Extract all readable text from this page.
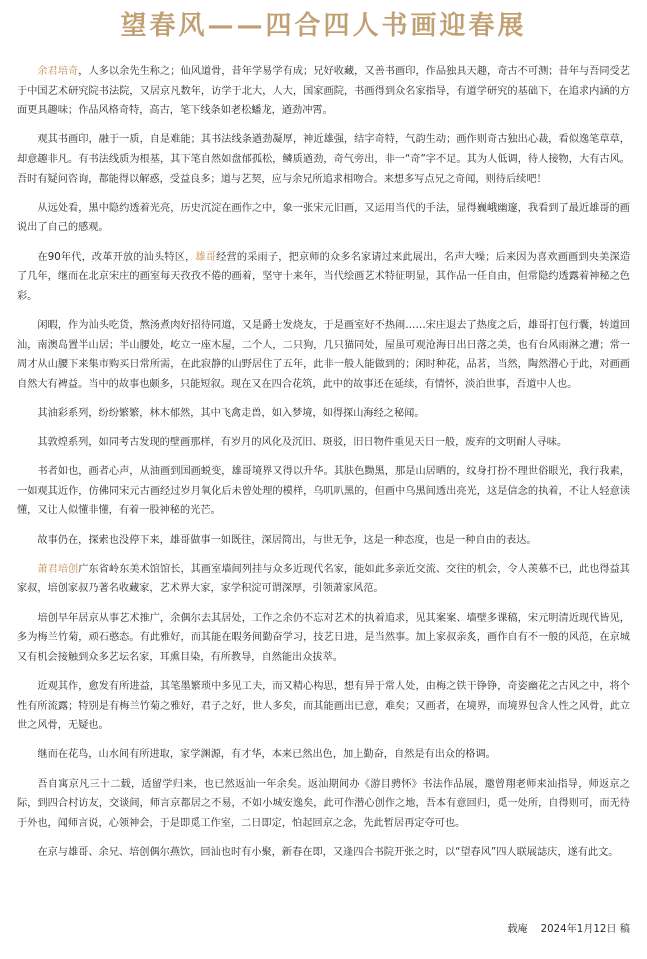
望春风——四合四人书画迎春展

余君培奇，人多以余先生称之；仙风道骨，昔年学易学有成；兄好收藏，又善书画印，作品独具天趣，奇古不可测；昔年与吾同受艺于中国艺术研究院书法院，又居京凡数年，访学于北大，人大，国家画院，书画得到众名家指导，有道学研究的基础下，在追求内涵的方面更具趣味；作品风格奇特，高古，笔下线条如老松蟠龙，遒劲冲霄。

观其书画印，融于一质，自是难能；其书法线条遒劲凝厚，神近雄强，结字奇特，气韵生动；画作则奇古独出心裁，看似逸笔草草，却意趣非凡。有书法线质为根基，其下笔自然如盘郁孤松，鳞质遒劲，奇气旁出，非一“奇”字不足。其为人低调，待人接物，大有古风。吾时有疑问咨询，都能得以解惑，受益良多；道与艺契，应与余兄所追求相吻合。来想多写点兄之奇闻，则待后续吧！

从远处看，黑中隐约透着光亮，历史沉淀在画作之中，象一张宋元旧画，又运用当代的手法，显得巍峨幽邃，我看到了最近雄哥的画说出了自己的感观。

在90年代，改革开放的汕头特区，雄哥经营的采雨子，把京师的众多名家请过来此展出，名声大噪；后来因为喜欢画画到央美深造了几年，继而在北京宋庄的画室每天孜孜不倦的画着，坚守十来年，当代绘画艺术特征明显，其作品一任自由，但常隐约透露着神秘之色彩。

闲暇，作为汕头吃货，熬汤煮肉好招待同道，又是爵士发烧友，于是画室好不热闹……宋庄退去了热度之后，雄哥打包行囊，转道回汕，南澳岛置半山居；半山腰处，屹立一座木屋，二个人，二只狗，几只猫同处，屋虽可观沧海日出日落之美，也有台风雨淋之遭；常一周才从山腰下来集市购买日常所需，在此寂静的山野居住了五年，此非一般人能做到的；闲时种花，品茗，当然，陶然潜心于此，对画画自然大有裨益。当中的故事也颇多，只能短叙。现在又在四合花筑，此中的故事还在延续，有情怀，淡泊世事，吾道中人也。

其油彩系列，纷纷繁繁，林木郁然，其中飞禽走兽，如入梦境，如得探山海经之秘闻。

其敦煌系列，如同考古发现的壁画那样，有岁月的风化及沉旧、斑驳，旧日物件重见天日一般，废弃的文明耐人寻味。

书者如也，画者心声，从油画到国画蜕变，雄哥境界又得以升华。其肤色黝黑，那是山居晒的，纹身打扮不理世俗眼光，我行我素，一如观其近作，仿佛同宋元古画经过岁月氧化后未曾处理的模样，乌叽叭黑的，但画中乌黑间透出亮光，这是信念的执着，不让人轻意读懂，又让人似懂非懂，有着一股神秘的光芒。

故事仍在，探索也没停下来，雄哥做事一如既往，深居简出，与世无争，这是一种态度，也是一种自由的表达。

萧君培创广东省岭东美术馆馆长，其画室墙间列挂与众多近现代名家，能如此多亲近交流、交往的机会，令人羡慕不已，此也得益其家叔，培创家叔乃著名收藏家，艺术界大家，家学积淀可谓深厚，引领萧家风范。

培创早年居京从事艺术推广，余偶尔去其居处，工作之余仍不忘对艺术的执着追求，见其案案、墙壁多课稿，宋元明清近现代皆见，多为梅兰竹菊，顽石憨态。有此雅好，而其能在暇务间勤奋学习，技艺日进，是当然事。加上家叔亲炙，画作自有不一般的风范，在京城又有机会接触到众多艺坛名家，耳熏目染，有所教导，自然能出众拔萃。

近观其作，愈发有所进益，其笔墨繁琐中多见工夫，而又精心构思，想有异于常人处，由梅之铁干铮铮，奇姿幽花之古风之中，将个性有所流露；特别是有梅兰竹菊之雅好，君子之好，世人多矣，而其能画出已意，难矣；又画者，在境界，而境界包含人性之风骨，此立世之风骨，无疑也。

继而在花鸟，山水间有所进取，家学渊源，有才华，本来已然出色，加上勤奋，自然是有出众的格调。

吾自寓京凡三十二载，适留学归来，也已然返汕一年余矣。返汕期间办《游目骋怀》书法作品展，邀曾翔老师来汕指导，师返京之际，到四合村访友，交谈间，师言京都居之不易，不如小城安逸矣，此可作潜心创作之地，吾本有意回归，觅一处所，自得则可，而无待于外也，闻师言说，心领神会，于是即觅工作室，二日即定，怕起回京之念，先此暂居再定夺可也。

在京与雄哥、余兄、培创偶尔燕饮，回汕也时有小聚，新春在即，又逢四合书院开张之时，以“望春风”四人联展誌庆，遂有此文。

载庵    2024年1月12日 稿
